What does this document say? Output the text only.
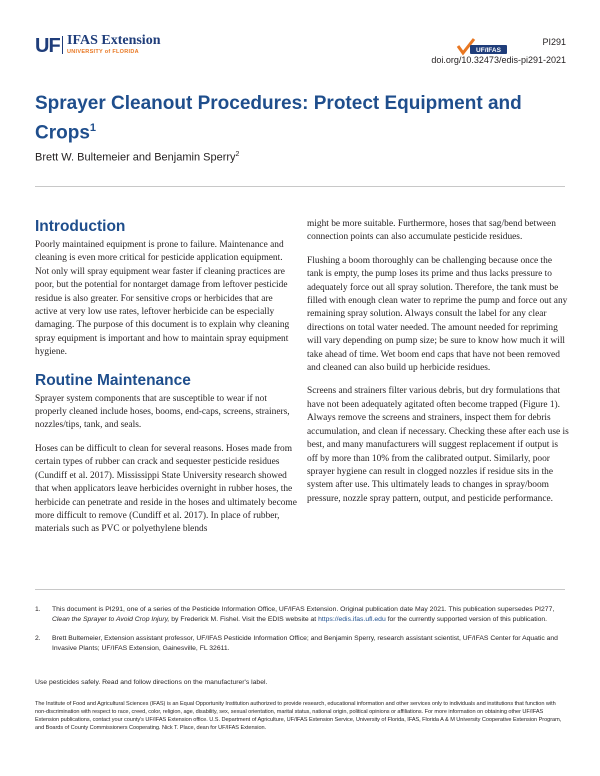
UF IFAS Extension
UNIVERSITY of FLORIDA	UF/IFAS
PI291
doi.org/10.32473/edis-pi291-2021
Sprayer Cleanout Procedures: Protect Equipment and Crops$^1$
Brett W. Bultemeier and Benjamin Sperry$^2$
Introduction

Poorly maintained equipment is prone to failure. Maintenance and cleaning is even more critical for pesticide application equipment. Not only will spray equipment wear faster if cleaning practices are poor, but the potential for nontarget damage from leftover pesticide residue is also greater. For sensitive crops or herbicides that are active at very low use rates, leftover herbicide can be especially damaging. The purpose of this document is to explain why cleaning spray equipment is important and how to maintain spray equipment hygiene.

Routine Maintenance

Sprayer system components that are susceptible to wear if not properly cleaned include hoses, booms, end-caps, screens, strainers, nozzles/tips, tank, and seals.

Hoses can be difficult to clean for several reasons. Hoses made from certain types of rubber can crack and sequester pesticide residues (Cundiff et al. 2017). Mississippi State University research showed that when applicators leave herbicides overnight in rubber hoses, the herbicide can penetrate and reside in the hoses and ultimately become more difficult to remove (Cundiff et al. 2017). In place of rubber, materials such as PVC or polyethylene blends

might be more suitable. Furthermore, hoses that sag/bend between connection points can also accumulate pesticide residues.

Flushing a boom thoroughly can be challenging because once the tank is empty, the pump loses its prime and thus lacks pressure to adequately force out all spray solution. Therefore, the tank must be filled with enough clean water to reprime the pump and force out any remaining spray solution. Always consult the label for any clear directions on total water needed. The amount needed for repriming will vary depending on pump size; be sure to know how much it will take ahead of time. Wet boom end caps that have not been removed and cleaned can also build up herbicide residues.

Screens and strainers filter various debris, but dry formulations that have not been adequately agitated often become trapped (Figure 1). Always remove the screens and strainers, inspect them for debris accumulation, and clean if necessary. Checking these after each use is best, and many manufacturers will suggest replacement if output is off by more than 10% from the calibrated output. Similarly, poor sprayer hygiene can result in clogged nozzles if residue sits in the system after use. This ultimately leads to changes in spray/boom pressure, nozzle spray pattern, output, and pesticide performance.

1.	This document is PI291, one of a series of the Pesticide Information Office, UF/IFAS Extension. Original publication date May 2021. This publication supersedes PI277, Clean the Sprayer to Avoid Crop Injury, by Frederick M. Fishel. Visit the EDIS website at https://edis.ifas.ufl.edu for the currently supported version of this publication.
2.	Brett Bultemeier, Extension assistant professor, UF/IFAS Pesticide Information Office; and Benjamin Sperry, research assistant scientist, UF/IFAS Center for Aquatic and Invasive Plants; UF/IFAS Extension, Gainesville, FL 32611.
Use pesticides safely. Read and follow directions on the manufacturer's label.
The Institute of Food and Agricultural Sciences (IFAS) is an Equal Opportunity Institution authorized to provide research, educational information and other services only to individuals and institutions that function with non-discrimination with respect to race, creed, color, religion, age, disability, sex, sexual orientation, marital status, national origin, political opinions or affiliations. For more information on obtaining other UF/IFAS Extension publications, contact your county's UF/IFAS Extension office. U.S. Department of Agriculture, UF/IFAS Extension Service, University of Florida, IFAS, Florida A & M University Cooperative Extension Program, and Boards of County Commissioners Cooperating. Nick T. Place, dean for UF/IFAS Extension.
